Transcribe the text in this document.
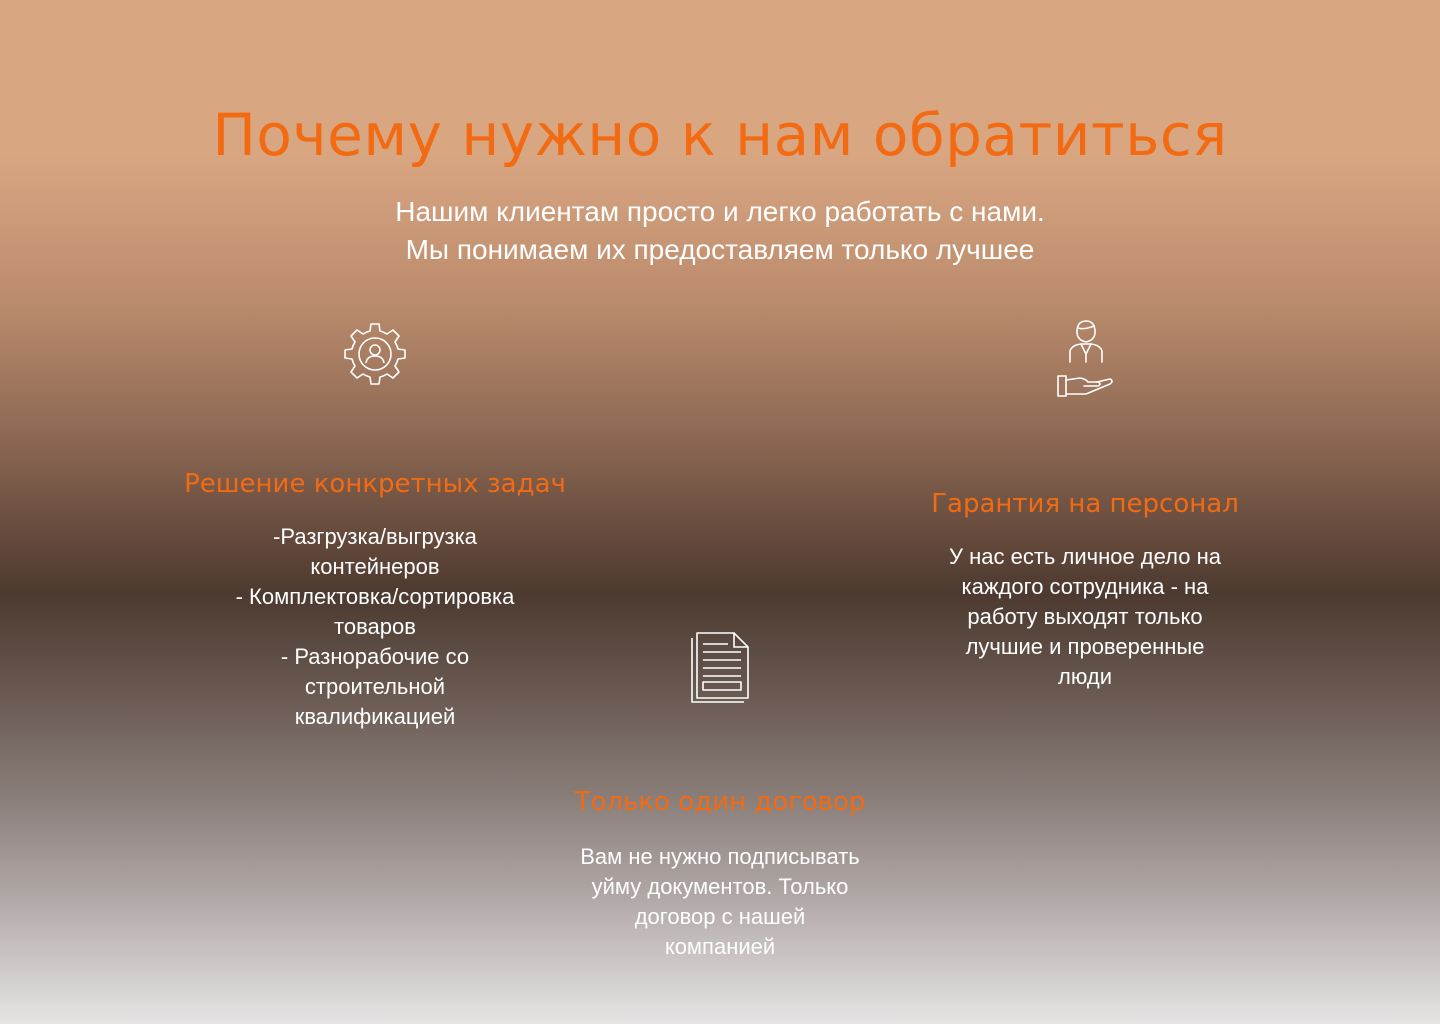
Почему нужно к нам обратиться
Нашим клиентам просто и легко работать с нами.
Мы понимаем их предоставляем только лучшее
Решение конкретных задач
-Разгрузка/выгрузка
контейнеров
- Комплектовка/сортировка
товаров
- Разнорабочие со
строительной
квалификацией
Гарантия на персонал
У нас есть личное дело на
каждого сотрудника - на
работу выходят только
лучшие и проверенные
люди
Только один договор
Вам не нужно подписывать
уйму документов. Только
договор с нашей
компанией
